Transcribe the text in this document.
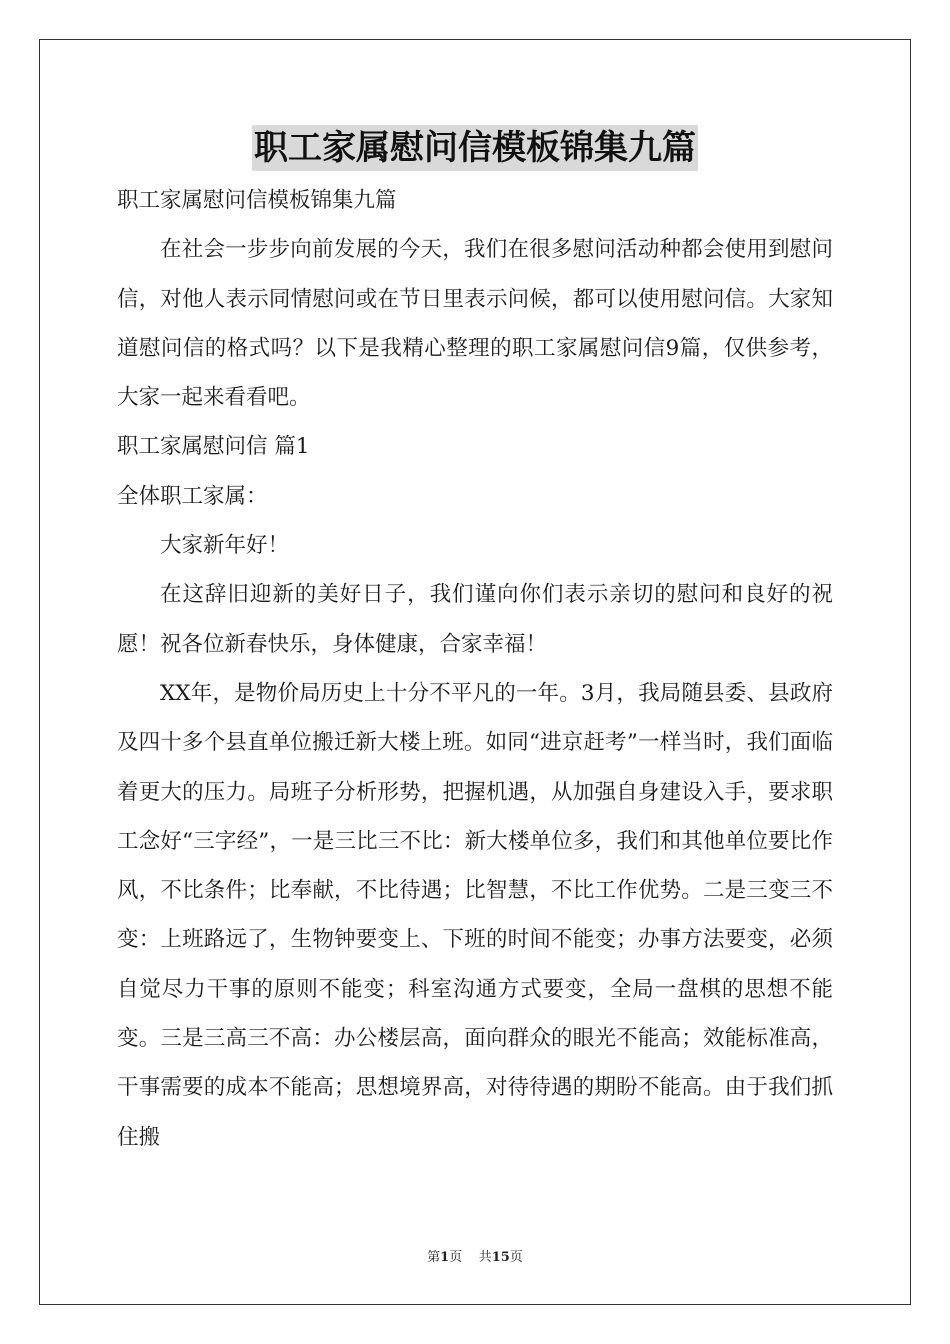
职工家属慰问信模板锦集九篇

职工家属慰问信模板锦集九篇

在社会一步步向前发展的今天，我们在很多慰问活动种都会使用到慰问信，对他人表示同情慰问或在节日里表示问候，都可以使用慰问信。大家知道慰问信的格式吗？以下是我精心整理的职工家属慰问信9篇，仅供参考，大家一起来看看吧。

职工家属慰问信 篇1

全体职工家属：

大家新年好！

在这辞旧迎新的美好日子，我们谨向你们表示亲切的慰问和良好的祝愿！祝各位新春快乐，身体健康，合家幸福！

XX年，是物价局历史上十分不平凡的一年。3月，我局随县委、县政府及四十多个县直单位搬迁新大楼上班。如同“进京赶考”一样当时，我们面临着更大的压力。局班子分析形势，把握机遇，从加强自身建设入手，要求职工念好“三字经”，一是三比三不比：新大楼单位多，我们和其他单位要比作风，不比条件；比奉献，不比待遇；比智慧，不比工作优势。二是三变三不变：上班路远了，生物钟要变上、下班的时间不能变；办事方法要变，必须自觉尽力干事的原则不能变；科室沟通方式要变，全局一盘棋的思想不能变。三是三高三不高：办公楼层高，面向群众的眼光不能高；效能标准高，干事需要的成本不能高；思想境界高，对待待遇的期盼不能高。由于我们抓住搬

第1页 共15页
